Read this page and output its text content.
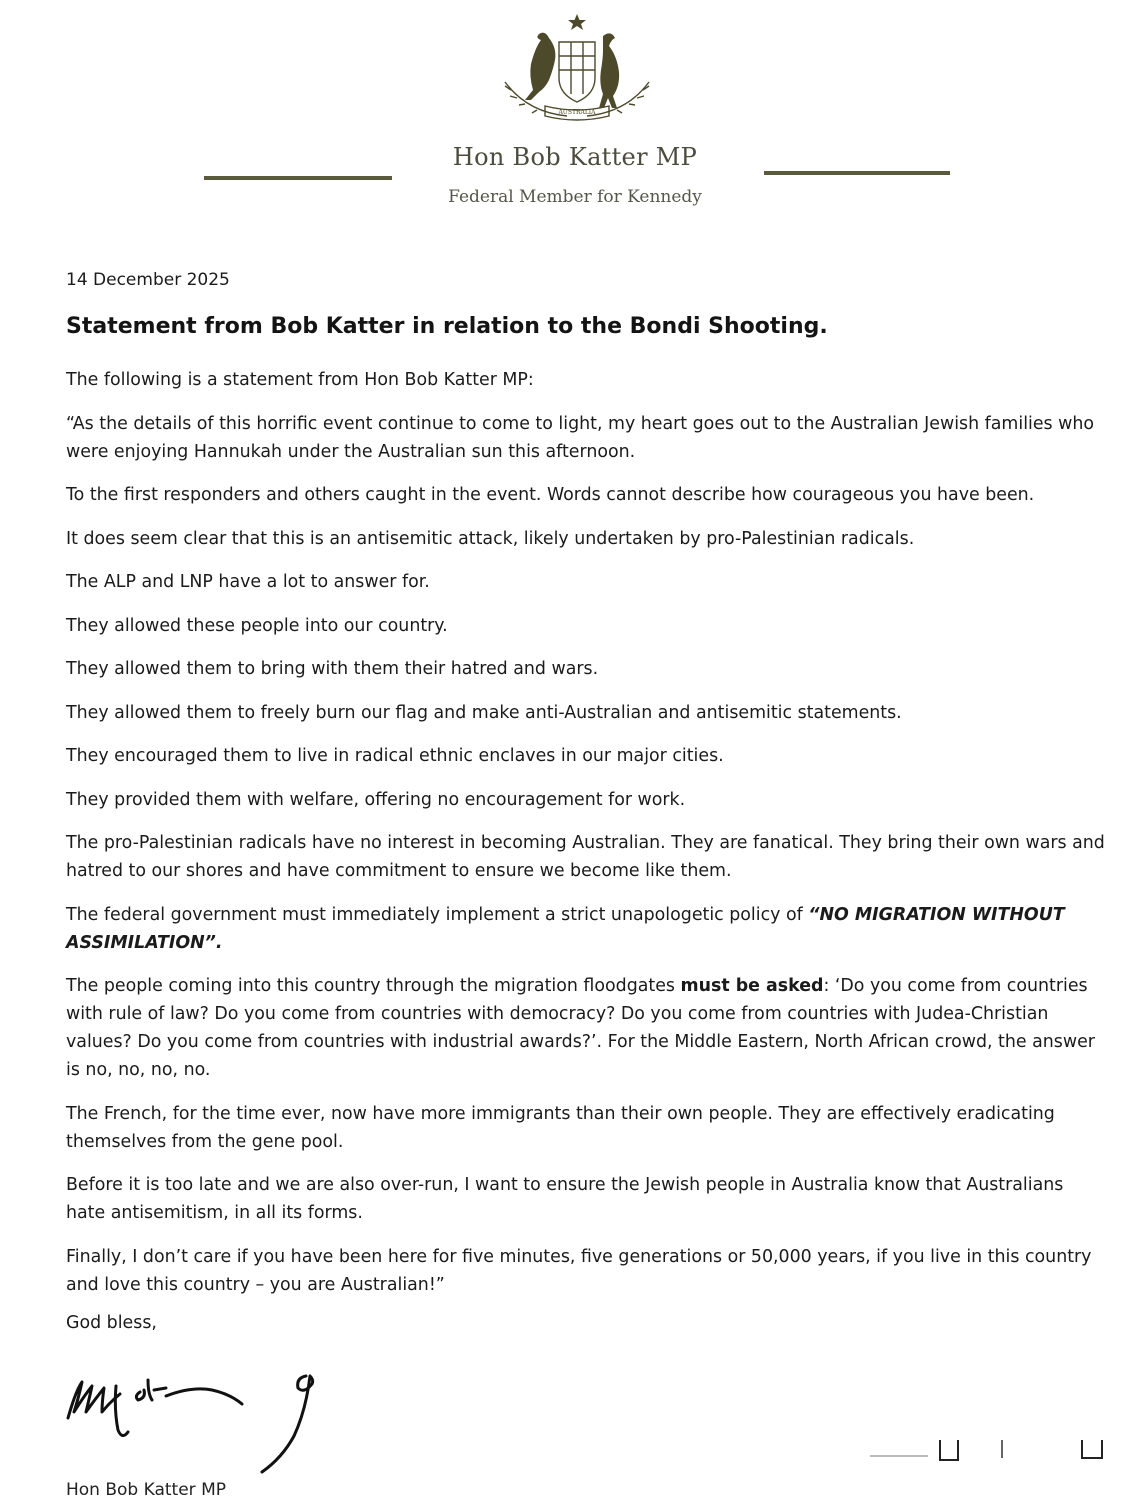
AUSTRALIA
Hon Bob Katter MP
Federal Member for Kennedy
14 December 2025
Statement from Bob Katter in relation to the Bondi Shooting.

The following is a statement from Hon Bob Katter MP:

“As the details of this horrific event continue to come to light, my heart goes out to the Australian Jewish families who were enjoying Hannukah under the Australian sun this afternoon.

To the first responders and others caught in the event. Words cannot describe how courageous you have been.

It does seem clear that this is an antisemitic attack, likely undertaken by pro-Palestinian radicals.

The ALP and LNP have a lot to answer for.

They allowed these people into our country.

They allowed them to bring with them their hatred and wars.

They allowed them to freely burn our flag and make anti-Australian and antisemitic statements.

They encouraged them to live in radical ethnic enclaves in our major cities.

They provided them with welfare, offering no encouragement for work.

The pro-Palestinian radicals have no interest in becoming Australian. They are fanatical. They bring their own wars and hatred to our shores and have commitment to ensure we become like them.

The federal government must immediately implement a strict unapologetic policy of “NO MIGRATION WITHOUT ASSIMILATION”.

The people coming into this country through the migration floodgates must be asked: ‘Do you come from countries with rule of law? Do you come from countries with democracy? Do you come from countries with Judea-Christian values? Do you come from countries with industrial awards?’. For the Middle Eastern, North African crowd, the answer is no, no, no, no.

The French, for the time ever, now have more immigrants than their own people. They are effectively eradicating themselves from the gene pool.

Before it is too late and we are also over-run, I want to ensure the Jewish people in Australia know that Australians hate antisemitism, in all its forms.

Finally, I don’t care if you have been here for five minutes, five generations or 50,000 years, if you live in this country and love this country – you are Australian!”

God bless,
Hon Bob Katter MP
